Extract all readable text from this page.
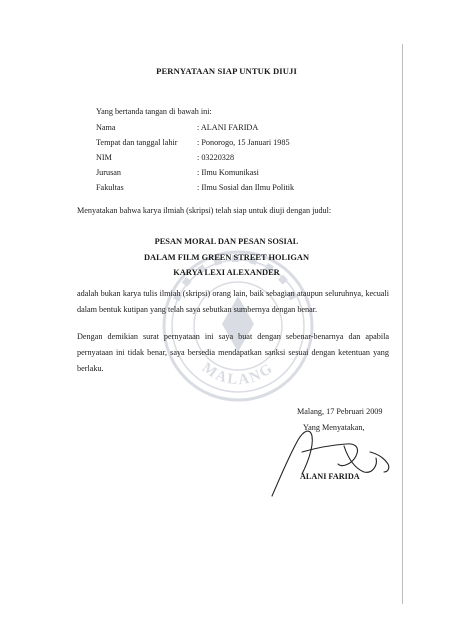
PERNYATAAN SIAP UNTUK DIUJI
Yang bertanda tangan di bawah ini:
Nama	: ALANI FARIDA
Tempat dan tanggal lahir : Ponorogo, 15 Januari 1985
NIM	: 03220328
Jurusan	: Ilmu Komunikasi
Fakultas	: Ilmu Sosial dan Ilmu Politik
Menyatakan bahwa karya ilmiah (skripsi) telah siap untuk diuji dengan judul:
MALANG
PESAN MORAL DAN PESAN SOSIAL
DALAM FILM GREEN STREET HOLIGAN
KARYA LEXI ALEXANDER
adalah bukan karya tulis ilmiah (skripsi) orang lain, baik sebagian ataupun seluruhnya, kecuali dalam bentuk kutipan yang telah saya sebutkan sumbernya dengan benar.
Dengan demikian surat pernyataan ini saya buat dengan sebenar-benarnya dan apabila pernyataan ini tidak benar, saya bersedia mendapatkan sanksi sesuai dengan ketentuan yang berlaku.
Malang, 17 Pebruari 2009
Yang Menyatakan,
ALANI FARIDA
